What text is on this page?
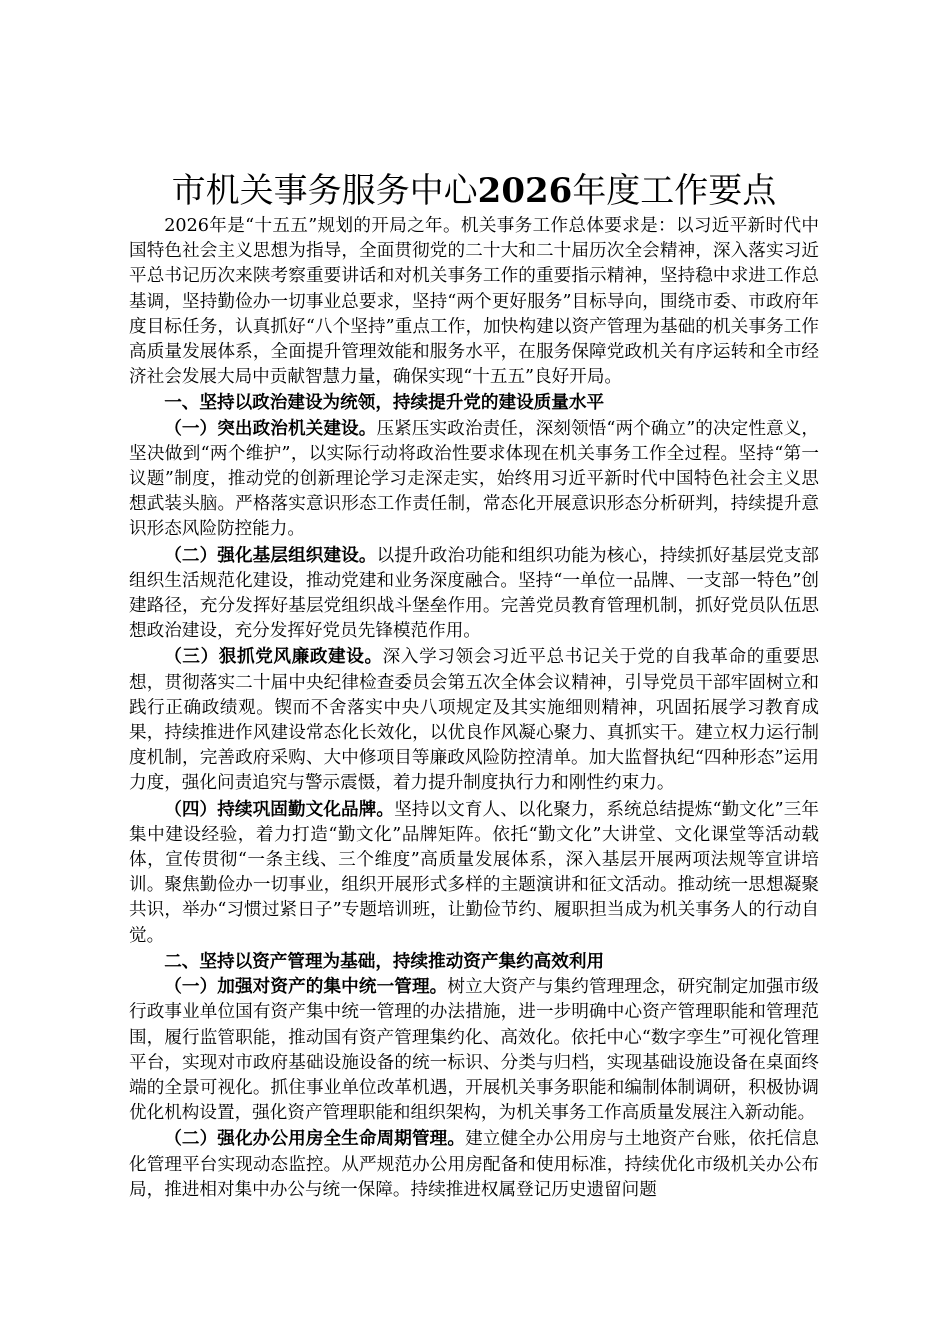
市机关事务服务中心2026年度工作要点

2026年是“十五五”规划的开局之年。机关事务工作总体要求是：以习近平新时代中国特色社会主义思想为指导，全面贯彻党的二十大和二十届历次全会精神，深入落实习近平总书记历次来陕考察重要讲话和对机关事务工作的重要指示精神，坚持稳中求进工作总基调，坚持勤俭办一切事业总要求，坚持“两个更好服务”目标导向，围绕市委、市政府年度目标任务，认真抓好“八个坚持”重点工作，加快构建以资产管理为基础的机关事务工作高质量发展体系，全面提升管理效能和服务水平，在服务保障党政机关有序运转和全市经济社会发展大局中贡献智慧力量，确保实现“十五五”良好开局。

一、坚持以政治建设为统领，持续提升党的建设质量水平

（一）突出政治机关建设。压紧压实政治责任，深刻领悟“两个确立”的决定性意义，坚决做到“两个维护”，以实际行动将政治性要求体现在机关事务工作全过程。坚持“第一议题”制度，推动党的创新理论学习走深走实，始终用习近平新时代中国特色社会主义思想武装头脑。严格落实意识形态工作责任制，常态化开展意识形态分析研判，持续提升意识形态风险防控能力。

（二）强化基层组织建设。以提升政治功能和组织功能为核心，持续抓好基层党支部组织生活规范化建设，推动党建和业务深度融合。坚持“一单位一品牌、一支部一特色”创建路径，充分发挥好基层党组织战斗堡垒作用。完善党员教育管理机制，抓好党员队伍思想政治建设，充分发挥好党员先锋模范作用。

（三）狠抓党风廉政建设。深入学习领会习近平总书记关于党的自我革命的重要思想，贯彻落实二十届中央纪律检查委员会第五次全体会议精神，引导党员干部牢固树立和践行正确政绩观。锲而不舍落实中央八项规定及其实施细则精神，巩固拓展学习教育成果，持续推进作风建设常态化长效化，以优良作风凝心聚力、真抓实干。建立权力运行制度机制，完善政府采购、大中修项目等廉政风险防控清单。加大监督执纪“四种形态”运用力度，强化问责追究与警示震慑，着力提升制度执行力和刚性约束力。

（四）持续巩固勤文化品牌。坚持以文育人、以化聚力，系统总结提炼“勤文化”三年集中建设经验，着力打造“勤文化”品牌矩阵。依托“勤文化”大讲堂、文化课堂等活动载体，宣传贯彻“一条主线、三个维度”高质量发展体系，深入基层开展两项法规等宣讲培训。聚焦勤俭办一切事业，组织开展形式多样的主题演讲和征文活动。推动统一思想凝聚共识，举办“习惯过紧日子”专题培训班，让勤俭节约、履职担当成为机关事务人的行动自觉。

二、坚持以资产管理为基础，持续推动资产集约高效利用

（一）加强对资产的集中统一管理。树立大资产与集约管理理念，研究制定加强市级行政事业单位国有资产集中统一管理的办法措施，进一步明确中心资产管理职能和管理范围，履行监管职能，推动国有资产管理集约化、高效化。依托中心“数字孪生”可视化管理平台，实现对市政府基础设施设备的统一标识、分类与归档，实现基础设施设备在桌面终端的全景可视化。抓住事业单位改革机遇，开展机关事务职能和编制体制调研，积极协调优化机构设置，强化资产管理职能和组织架构，为机关事务工作高质量发展注入新动能。

（二）强化办公用房全生命周期管理。建立健全办公用房与土地资产台账，依托信息化管理平台实现动态监控。从严规范办公用房配备和使用标准，持续优化市级机关办公布局，推进相对集中办公与统一保障。持续推进权属登记历史遗留问题
